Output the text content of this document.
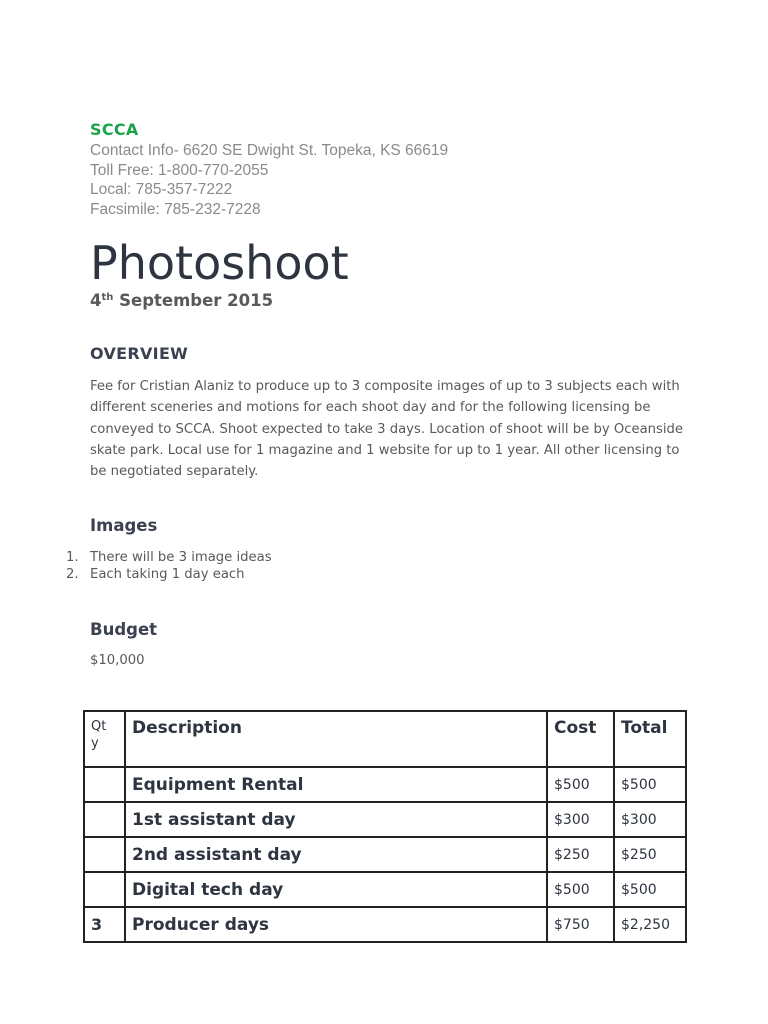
SCCA
Contact Info- 6620 SE Dwight St. Topeka, KS 66619
Toll Free: 1-800-770-2055
Local: 785-357-7222
Facsimile: 785-232-7228
Photoshoot
4th September 2015
OVERVIEW
Fee for Cristian Alaniz to produce up to 3 composite images of up to 3 subjects each with different sceneries and motions for each shoot day and for the following licensing be conveyed to SCCA. Shoot expected to take 3 days. Location of shoot will be by Oceanside skate park. Local use for 1 magazine and 1 website for up to 1 year. All other licensing to be negotiated separately.
Images
1. There will be 3 image ideas
2. Each taking 1 day each
Budget
$10,000
Qt
y	Description	Cost	Total
	Equipment Rental	$500	$500
	1st assistant day	$300	$300
	2nd assistant day	$250	$250
	Digital tech day	$500	$500
3	Producer days	$750	$2,250
